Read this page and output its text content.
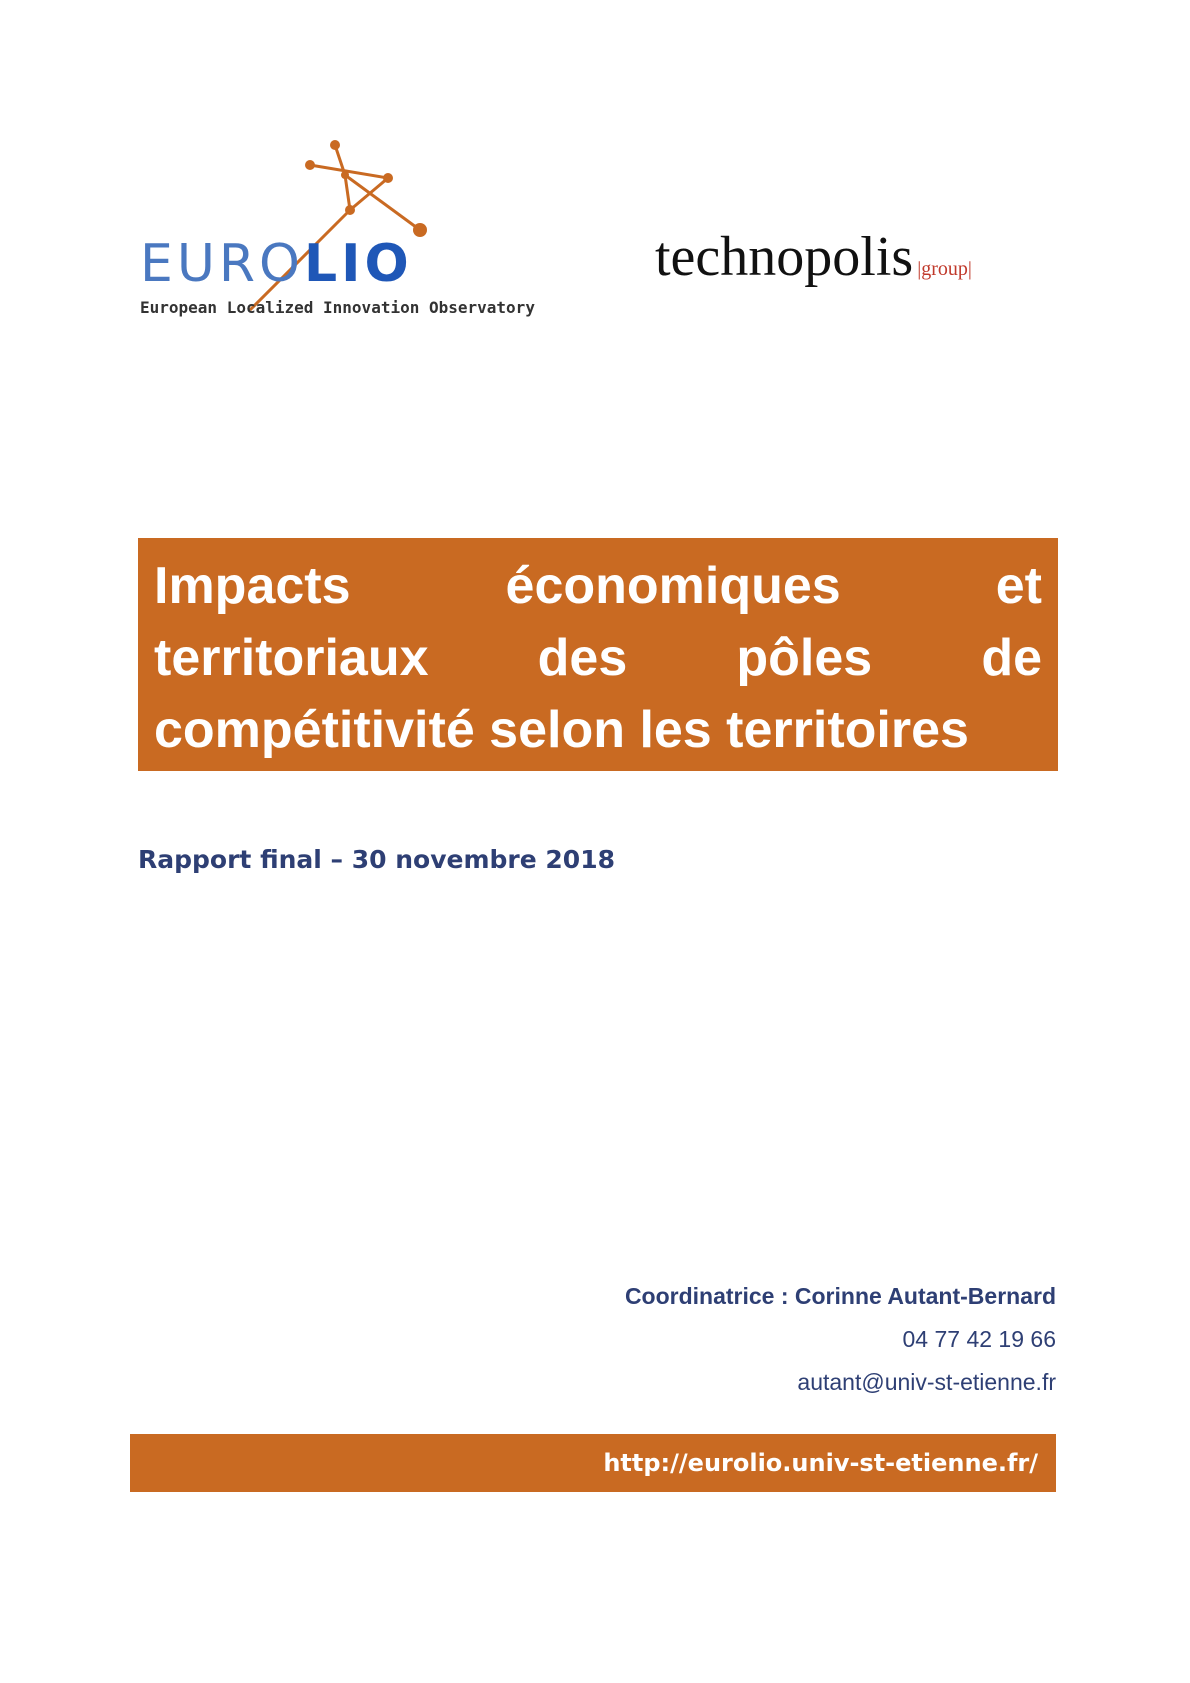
EUROLIO
European Localized Innovation Observatory
technopolis |group|

Impacts économiques et territoriaux des pôles de compétitivité selon les territoires

Rapport final – 30 novembre 2018
Coordinatrice : Corinne Autant-Bernard
04 77 42 19 66
autant@univ-st-etienne.fr
http://eurolio.univ-st-etienne.fr/
